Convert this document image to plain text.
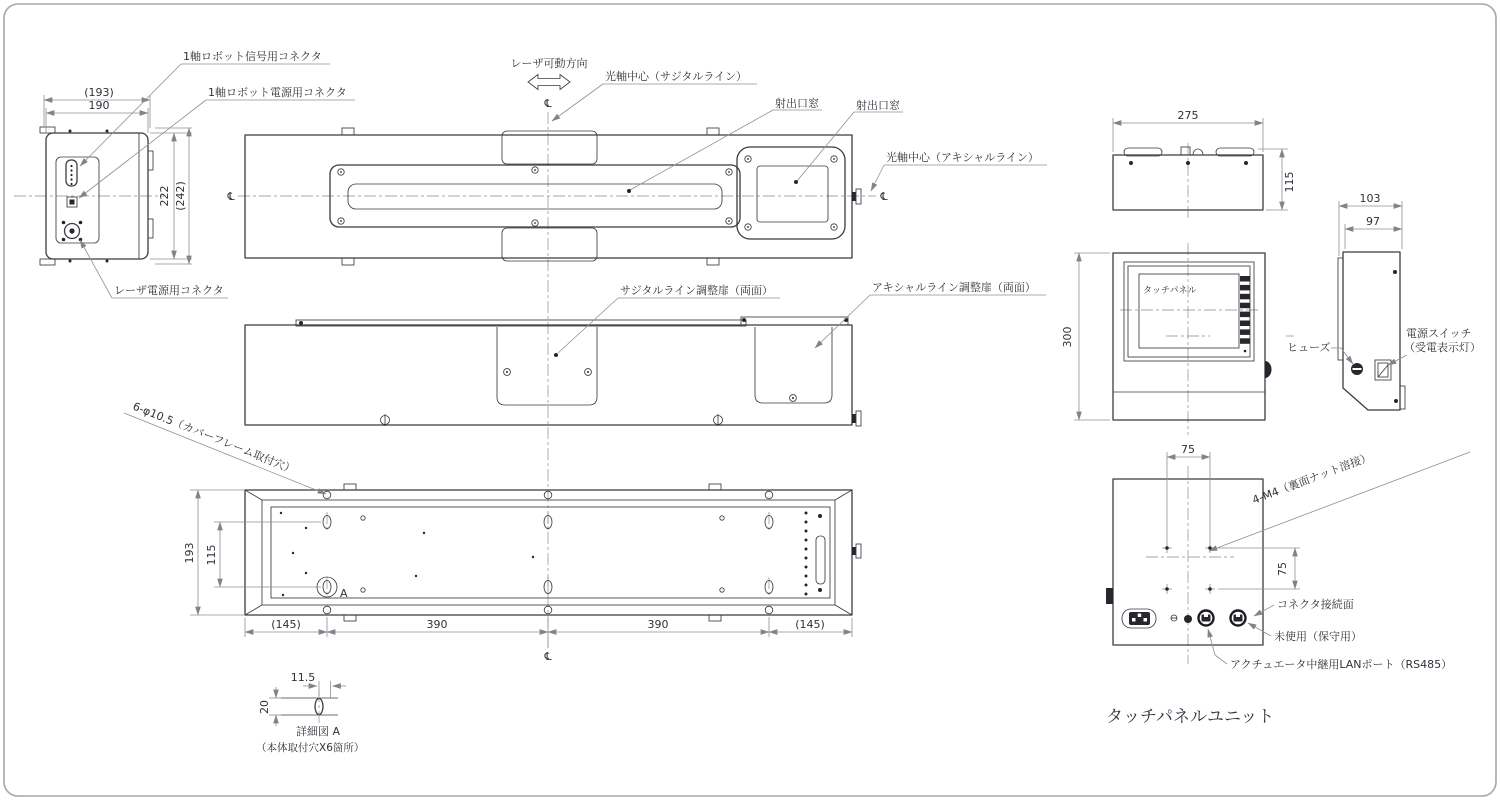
(193)
190
222 (242)
1軸ロボット信号用コネクタ
1軸ロボット電源用コネクタ
レーザ電源用コネクタ
℄	℄
レーザ可動方向
℄
光軸中心（サジタルライン）
射出口窓	射出口窓
光軸中心（アキシャルライン）
サジタルライン調整扉（両面）	アキシャルライン調整扉（両面）
A
193 115
(145)	390	390	(145)
℄
6-φ10.5（カバーフレーム取付穴）
20
11.5
詳細図 A
（本体取付穴X6箇所）
275
115
タッチパネル
300
103
97
ヒューズ
電源スイッチ
（受電表示灯）
75
75
4-M4（裏面ナット溶接）
コネクタ接続面
未使用（保守用）
アクチュエータ中継用LANポート（RS485）
タッチパネルユニット
